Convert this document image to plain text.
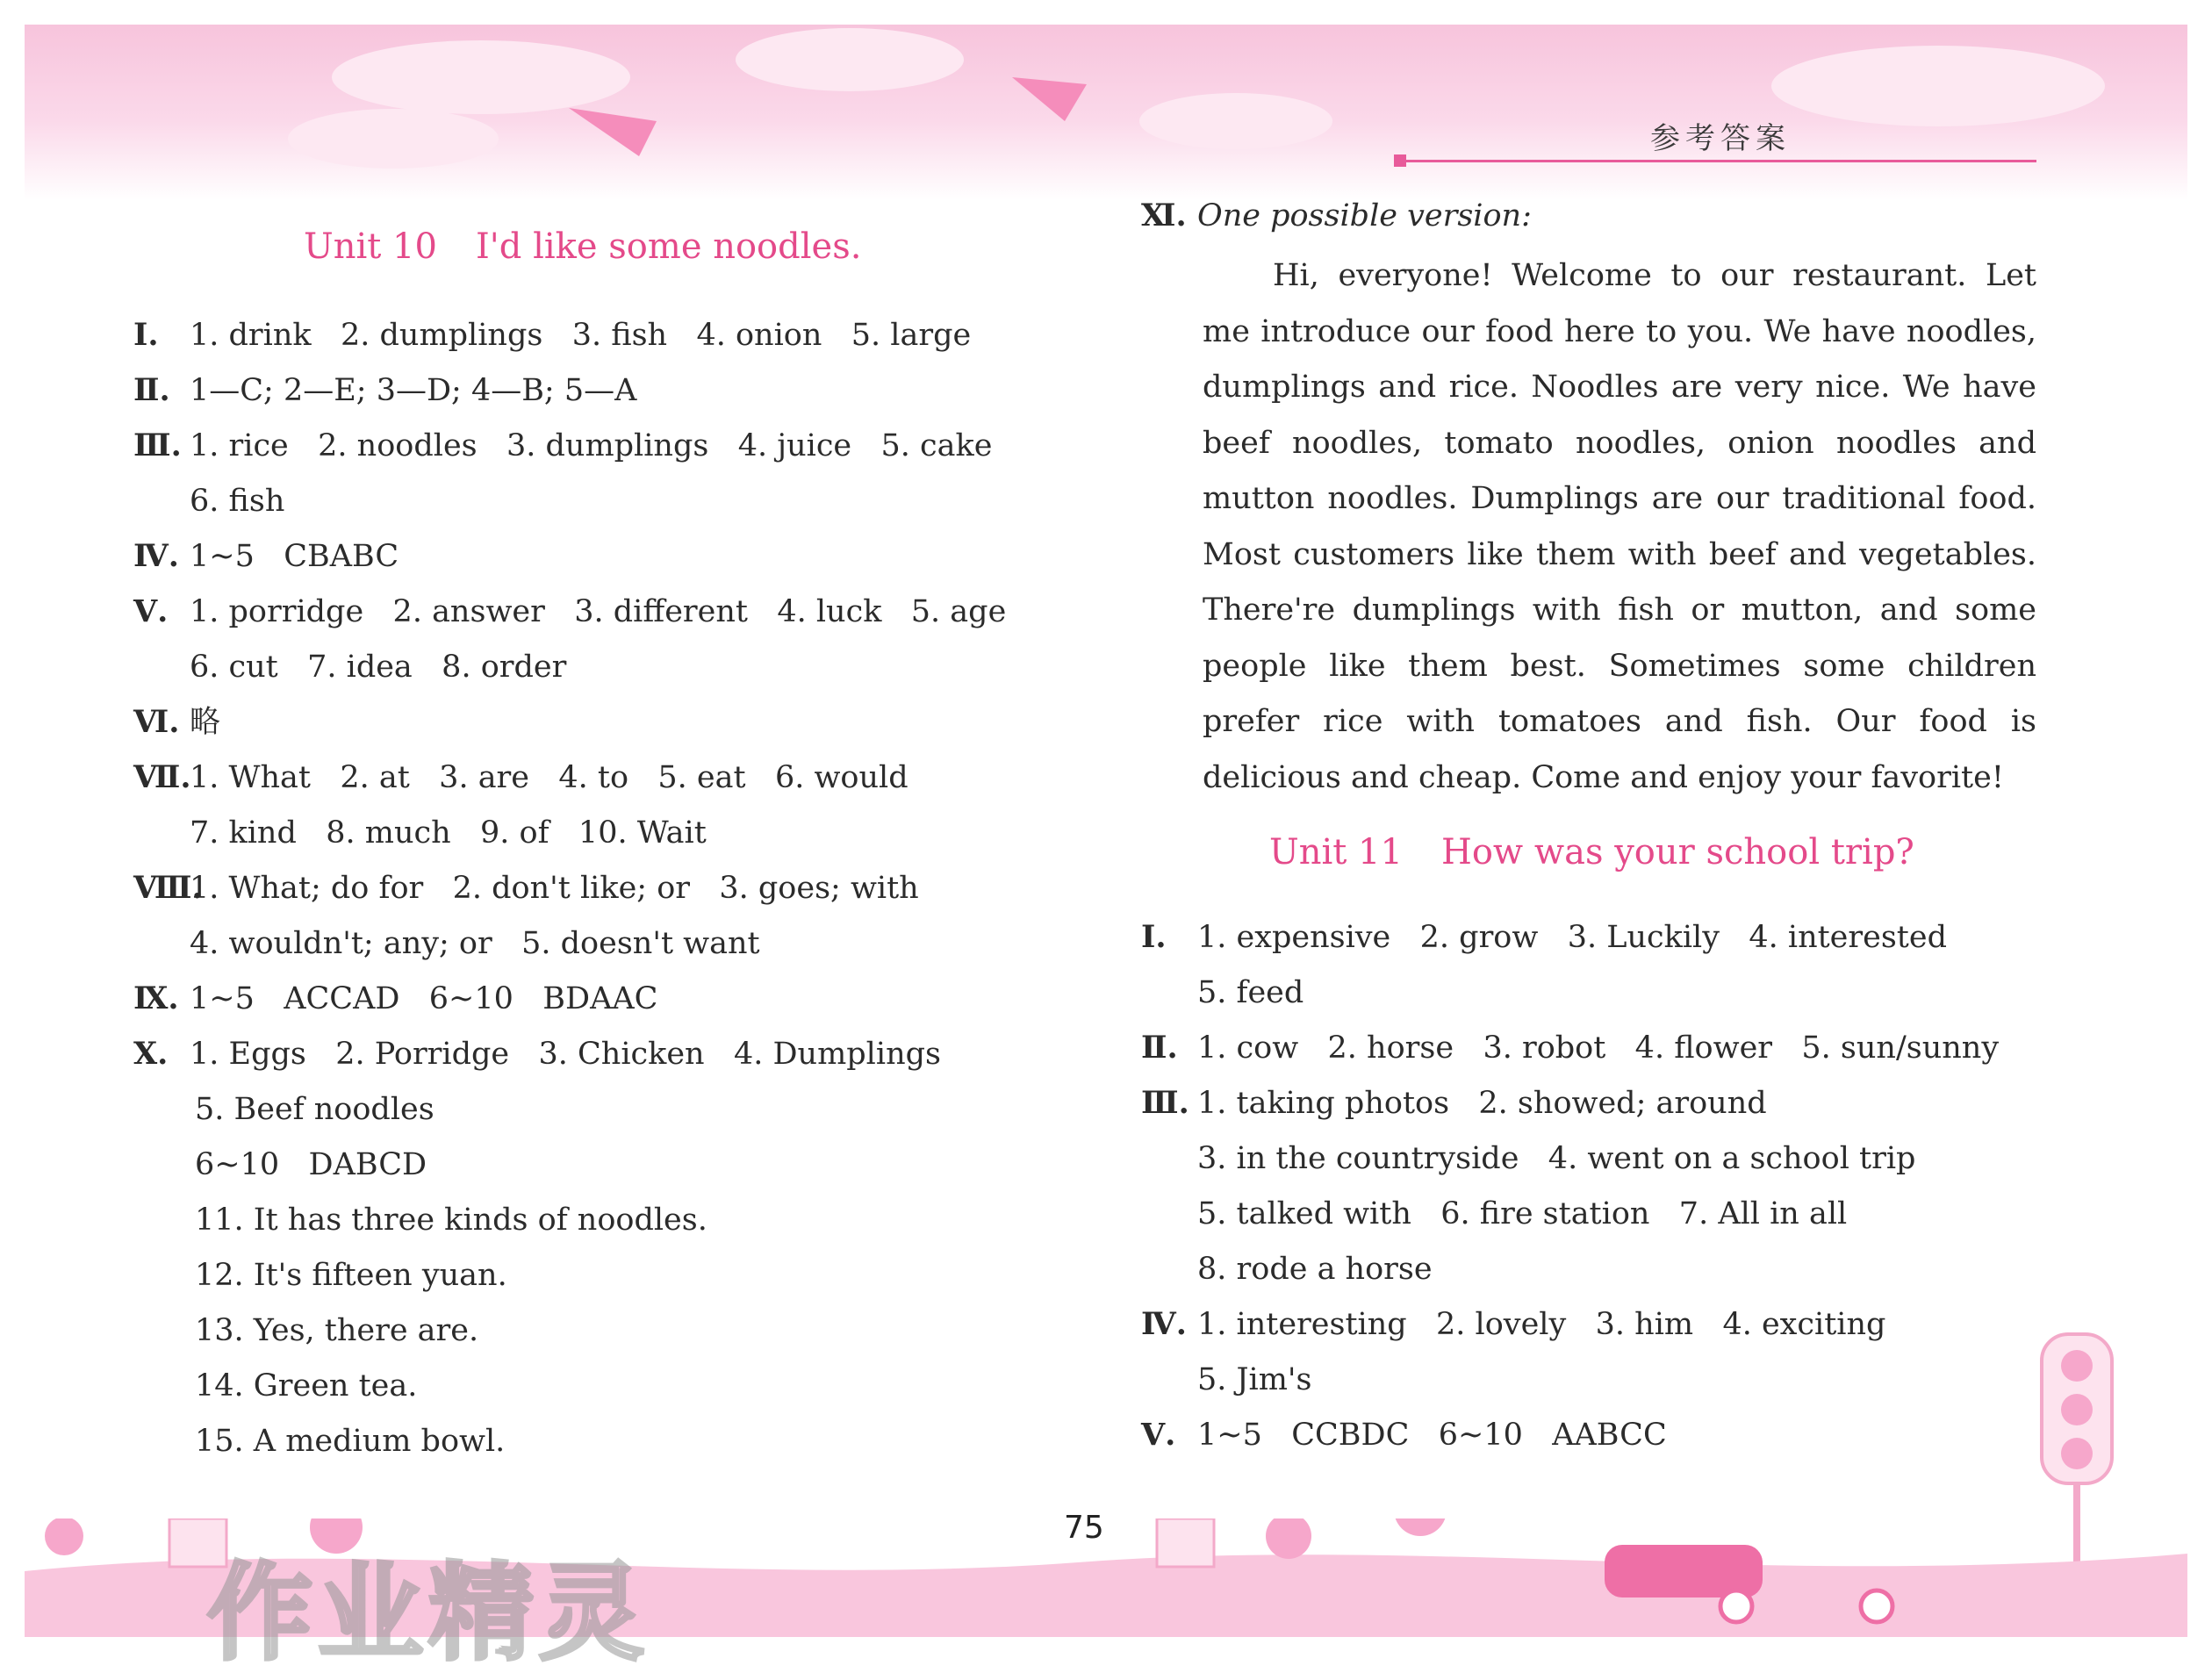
参考答案
Unit 10 I'd like some noodles.
Ⅰ. 1. drink   2. dumplings   3. fish   4. onion   5. large
Ⅱ. 1—C; 2—E; 3—D; 4—B; 5—A
Ⅲ. 1. rice   2. noodles   3. dumplings   4. juice   5. cake
6. fish
Ⅳ. 1~5   CBABC
Ⅴ. 1. porridge   2. answer   3. different   4. luck   5. age
6. cut   7. idea   8. order
Ⅵ. 略
Ⅶ.1. What   2. at   3. are   4. to   5. eat   6. would
7. kind   8. much   9. of   10. Wait
Ⅷ.1. What; do for   2. don't like; or   3. goes; with
4. wouldn't; any; or   5. doesn't want
Ⅸ. 1~5   ACCAD   6~10   BDAAC
Ⅹ. 1. Eggs   2. Porridge   3. Chicken   4. Dumplings
5. Beef noodles
6~10   DABCD
11. It has three kinds of noodles.
12. It's fifteen yuan.
13. Yes, there are.
14. Green tea.
15. A medium bowl.
Ⅺ. One possible version:
Hi, everyone! Welcome to our restaurant. Let me introduce our food here to you. We have noodles, dumplings and rice. Noodles are very nice. We have beef noodles, tomato noodles, onion noodles and mutton noodles. Dumplings are our traditional food. Most customers like them with beef and vegetables. There're dumplings with fish or mutton, and some people like them best. Sometimes some children prefer rice with tomatoes and fish. Our food is delicious and cheap. Come and enjoy your favorite!
Unit 11 How was your school trip?
Ⅰ. 1. expensive   2. grow   3. Luckily   4. interested
5. feed
Ⅱ. 1. cow   2. horse   3. robot   4. flower   5. sun/sunny
Ⅲ. 1. taking photos   2. showed; around
3. in the countryside   4. went on a school trip
5. talked with   6. fire station   7. All in all
8. rode a horse
Ⅳ. 1. interesting   2. lovely   3. him   4. exciting
5. Jim's
Ⅴ. 1~5   CCBDC   6~10   AABCC
作业精灵
75
